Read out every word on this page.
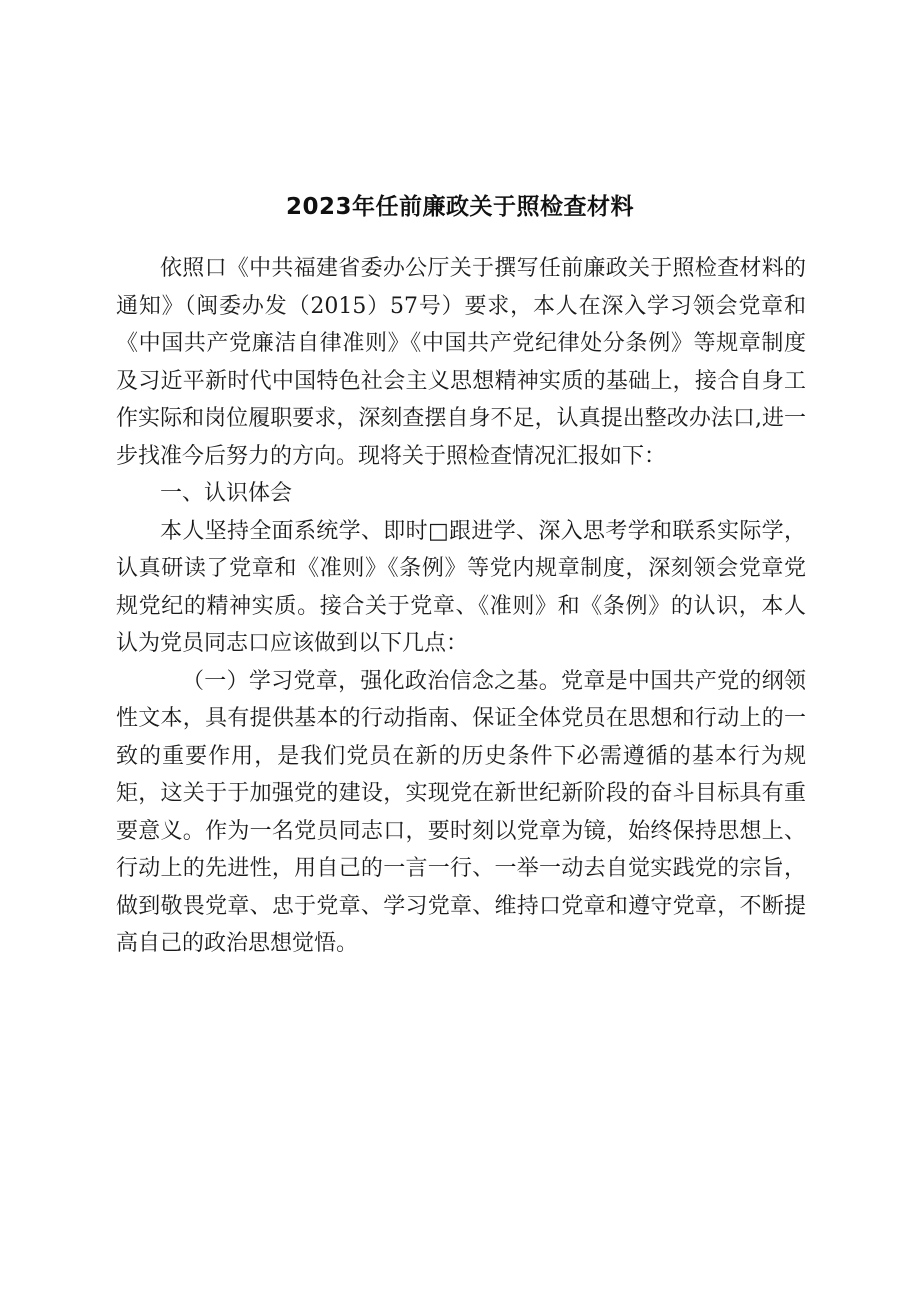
2023年任前廉政关于照检查材料

依照口《中共福建省委办公厅关于撰写任前廉政关于照检查材料的通知》（闽委办发（2015）57号）要求，本人在深入学习领会党章和《中国共产党廉洁自律准则》《中国共产党纪律处分条例》等规章制度及习近平新时代中国特色社会主义思想精神实质的基础上，接合自身工作实际和岗位履职要求，深刻查摆自身不足，认真提出整改办法口,进一步找准今后努力的方向。现将关于照检查情况汇报如下：

一、认识体会

本人坚持全面系统学、即时□跟进学、深入思考学和联系实际学，认真研读了党章和《准则》《条例》等党内规章制度，深刻领会党章党规党纪的精神实质。接合关于党章、《准则》和《条例》的认识，本人认为党员同志口应该做到以下几点：

（一）学习党章，强化政治信念之基。党章是中国共产党的纲领性文本，具有提供基本的行动指南、保证全体党员在思想和行动上的一致的重要作用，是我们党员在新的历史条件下必需遵循的基本行为规矩，这关于于加强党的建设，实现党在新世纪新阶段的奋斗目标具有重要意义。作为一名党员同志口，要时刻以党章为镜，始终保持思想上、行动上的先进性，用自己的一言一行、一举一动去自觉实践党的宗旨，做到敬畏党章、忠于党章、学习党章、维持口党章和遵守党章，不断提高自己的政治思想觉悟。
